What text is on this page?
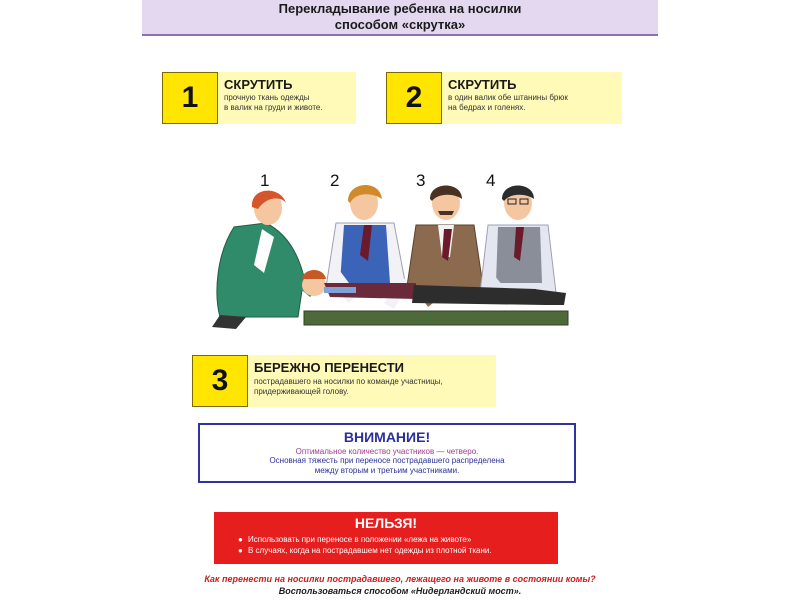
Перекладывание ребенка на носилки
способом «скрутка»
1	СКРУТИТЬ
прочную ткань одежды
в валик на груди и животе.	2	СКРУТИТЬ
в один валик обе штанины брюк
на бедрах и голенях.
1	2	3	4
3	БЕРЕЖНО ПЕРЕНЕСТИ
пострадавшего на носилки по команде участницы,
придерживающей голову.
ВНИМАНИЕ!
Оптимальное количество участников — четверо.
Основная тяжесть при переносе пострадавшего распределена
между вторым и третьим участниками.
НЕЛЬЗЯ!
● Использовать при переносе в положении «лежа на животе»
● В случаях, когда на пострадавшем нет одежды из плотной ткани.
Как перенести на носилки пострадавшего, лежащего на животе в состоянии комы?
Воспользоваться способом «Нидерландский мост».
